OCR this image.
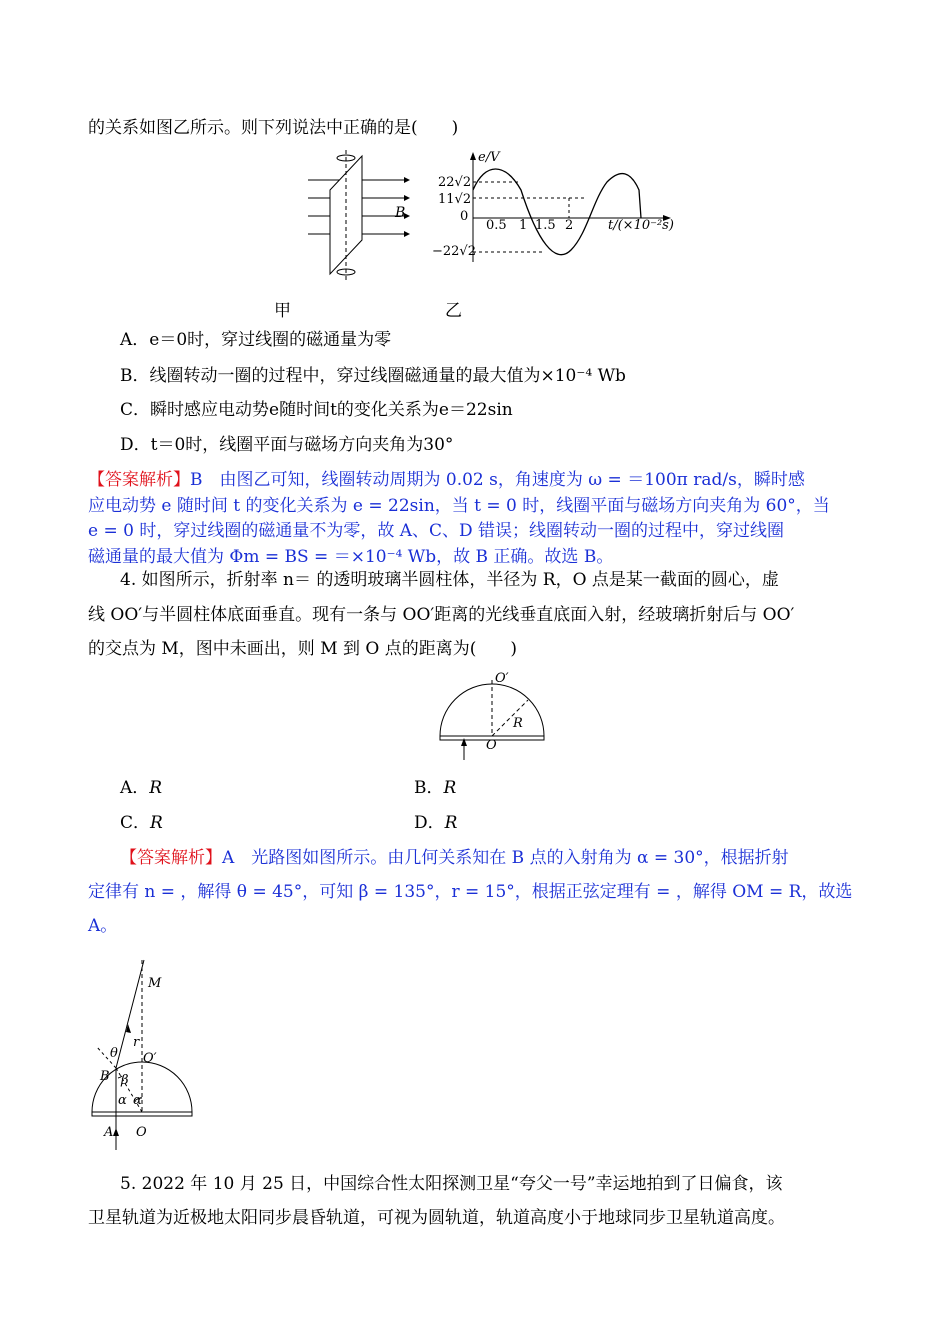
的关系如图乙所示。则下列说法中正确的是(　　)
B
e/V
22√2
11√2
0
−22√2
0.5 1 1.5 2	t/(×10⁻²s)
甲	乙
A．e＝0时，穿过线圈的磁通量为零
B．线圈转动一圈的过程中，穿过线圈磁通量的最大值为×10⁻⁴ Wb
C．瞬时感应电动势e随时间t的变化关系为e＝22sin
D．t＝0时，线圈平面与磁场方向夹角为30°
【答案解析】B　由图乙可知，线圈转动周期为 0.02 s，角速度为 ω = ＝100π rad/s，瞬时感
应电动势 e 随时间 t 的变化关系为 e = 22sin，当 t = 0 时，线圈平面与磁场方向夹角为 60°，当
e = 0 时，穿过线圈的磁通量不为零，故 A、C、D 错误；线圈转动一圈的过程中，穿过线圈
磁通量的最大值为 Φm = BS = ＝×10⁻⁴ Wb，故 B 正确。故选 B。
4. 如图所示，折射率 n＝ 的透明玻璃半圆柱体，半径为 R，O 点是某一截面的圆心，虚
线 OO′与半圆柱体底面垂直。现有一条与 OO′距离的光线垂直底面入射，经玻璃折射后与 OO′
的交点为 M，图中未画出，则 M 到 O 点的距离为(　　)
O′
R
O
A．R	B．R
C．R	D．R
【答案解析】A　光路图如图所示。由几何关系知在 B 点的入射角为 α = 30°，根据折射
定律有 n = ，解得 θ = 45°，可知 β = 135°，r = 15°，根据正弦定理有 = ，解得 OM = R，故选
A。
M
r
θ O′
B β
α α
A O
5. 2022 年 10 月 25 日，中国综合性太阳探测卫星“夸父一号”幸运地拍到了日偏食，该
卫星轨道为近极地太阳同步晨昏轨道，可视为圆轨道，轨道高度小于地球同步卫星轨道高度。
